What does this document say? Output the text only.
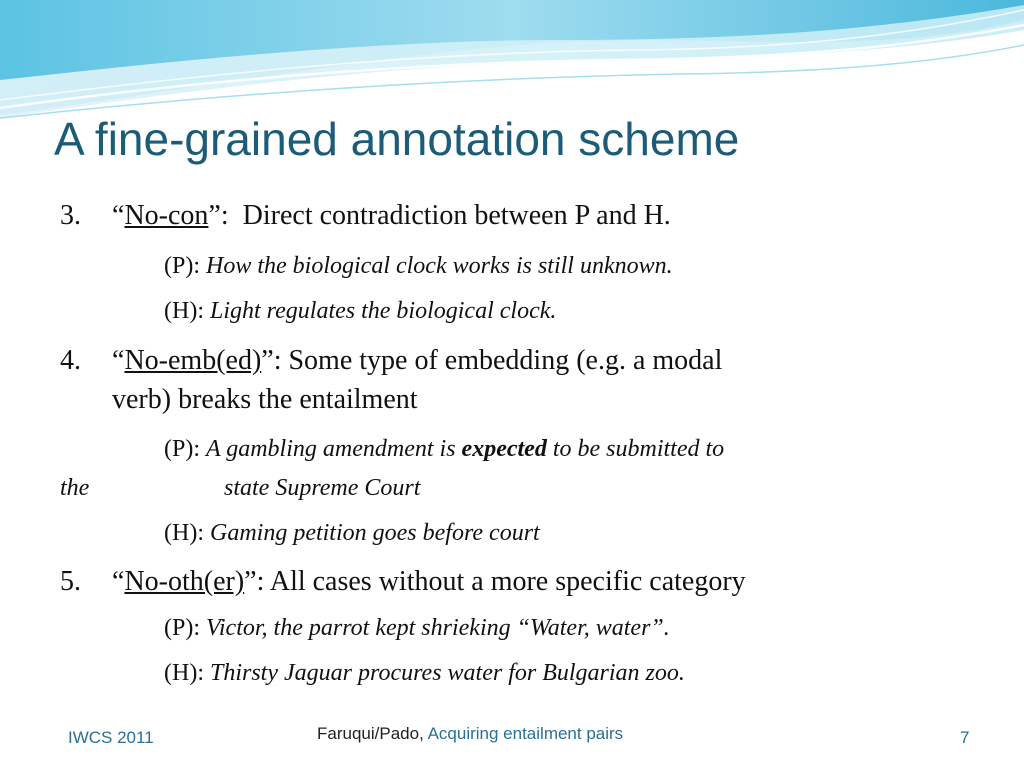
A fine-grained annotation scheme
3. “No-con”:  Direct contradiction between P and H.
(P): How the biological clock works is still unknown.
(H): Light regulates the biological clock.
4. “No-emb(ed)”: Some type of embedding (e.g. a modal
verb) breaks the entailment
(P): A gambling amendment is expected to be submitted to
the	state Supreme Court
(H): Gaming petition goes before court
5. “No-oth(er)”: All cases without a more specific category
(P): Victor, the parrot kept shrieking “Water, water”.
(H): Thirsty Jaguar procures water for Bulgarian zoo.
IWCS 2011	Faruqui/Pado, Acquiring entailment pairs	7
